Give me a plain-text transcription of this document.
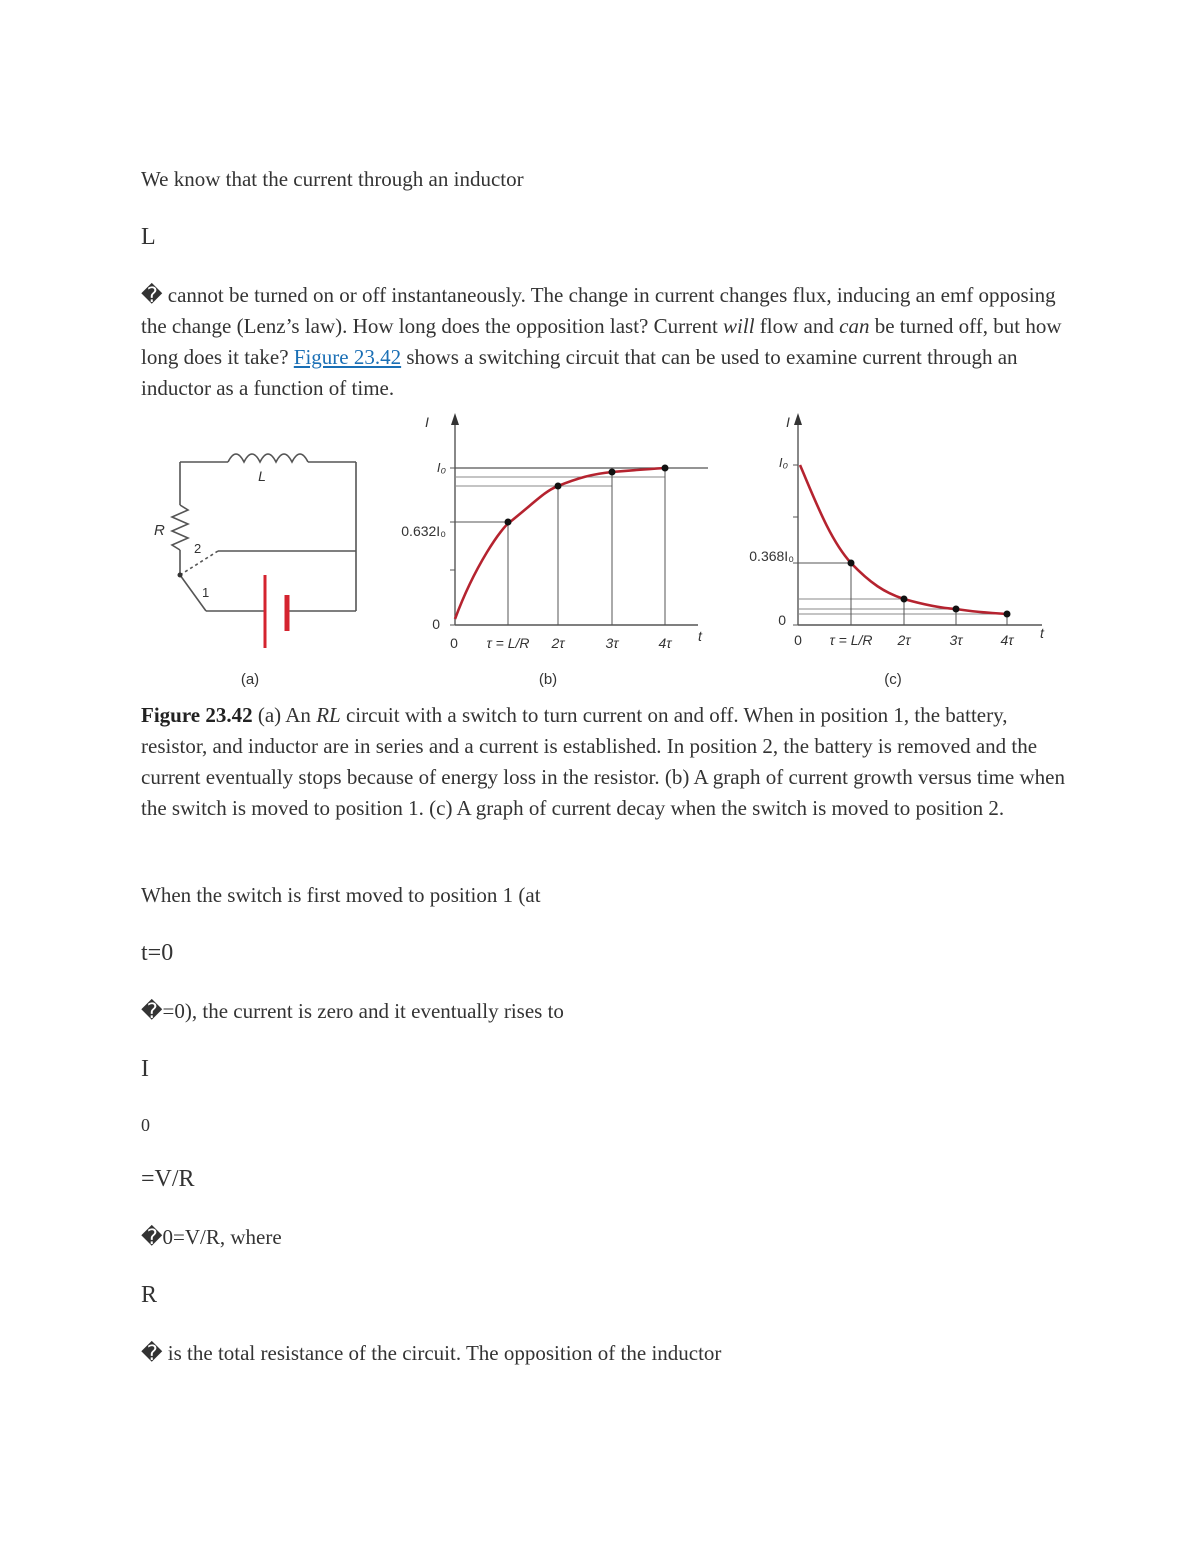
We know that the current through an inductor
L
� cannot be turned on or off instantaneously. The change in current changes flux, inducing an emf opposing the change (Lenz’s law). How long does the opposition last? Current will flow and can be turned off, but how long does it take? Figure 23.42 shows a switching circuit that can be used to examine current through an inductor as a function of time.
L
R
2
1
(a)
I
t
I₀
0.632I₀
0
0 τ = L/R 2τ	3τ	4τ
(b)
I
t
I₀
0.368I₀
0
0 τ = L/R 2τ	3τ	4τ
(c)
Figure 23.42 (a) An RL circuit with a switch to turn current on and off. When in position 1, the battery, resistor, and inductor are in series and a current is established. In position 2, the battery is removed and the current eventually stops because of energy loss in the resistor. (b) A graph of current growth versus time when the switch is moved to position 1. (c) A graph of current decay when the switch is moved to position 2.
When the switch is first moved to position 1 (at
t=0
�=0), the current is zero and it eventually rises to
I
0
=V/R
�0=V/R, where
R
� is the total resistance of the circuit. The opposition of the inductor
